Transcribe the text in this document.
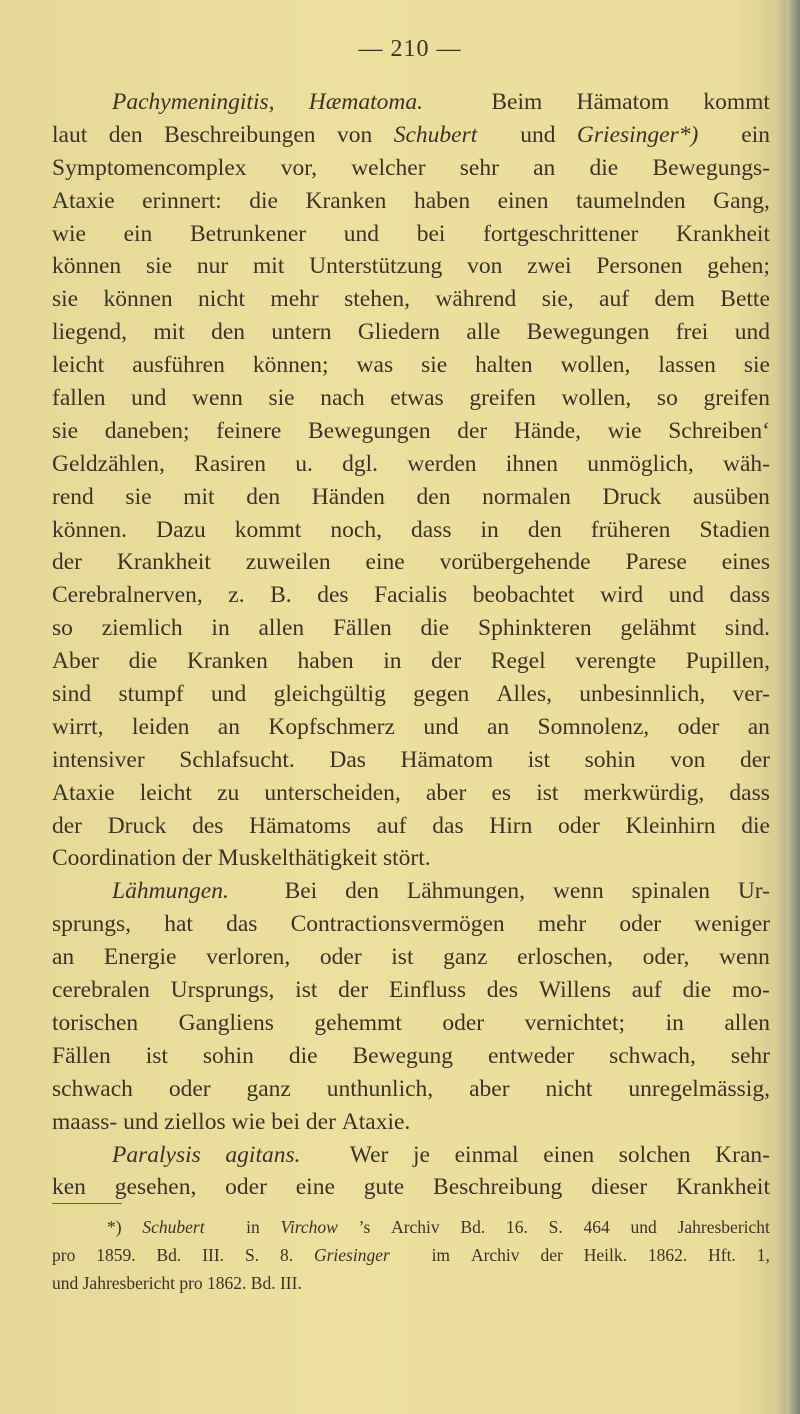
— 210 —
Pachymeningitis, Hæmatoma.	Beim Hämatom kommt
laut den Beschreibungen von Schubert und Griesinger*) ein
Symptomencomplex vor, welcher sehr an die Bewegungs-
Ataxie erinnert: die Kranken haben einen taumelnden Gang,
wie ein Betrunkener und bei fortgeschrittener Krankheit
können sie nur mit Unterstützung von zwei Personen gehen;
sie können nicht mehr stehen, während sie, auf dem Bette
liegend, mit den untern Gliedern alle Bewegungen frei und
leicht ausführen können; was sie halten wollen, lassen sie
fallen und wenn sie nach etwas greifen wollen, so greifen
sie daneben; feinere Bewegungen der Hände, wie Schreiben‘
Geldzählen, Rasiren u. dgl. werden ihnen unmöglich, wäh-
rend sie mit den Händen den normalen Druck ausüben
können. Dazu kommt noch, dass in den früheren Stadien
der Krankheit zuweilen eine vorübergehende Parese eines
Cerebralnerven, z. B. des Facialis beobachtet wird und dass
so ziemlich in allen Fällen die Sphinkteren gelähmt sind.
Aber die Kranken haben in der Regel verengte Pupillen,
sind stumpf und gleichgültig gegen Alles, unbesinnlich, ver-
wirrt, leiden an Kopfschmerz und an Somnolenz, oder an
intensiver Schlafsucht. Das Hämatom ist sohin von der
Ataxie leicht zu unterscheiden, aber es ist merkwürdig, dass
der Druck des Hämatoms auf das Hirn oder Kleinhirn die
Coordination der Muskelthätigkeit stört.
Lähmungen. Bei den Lähmungen, wenn spinalen Ur-
sprungs, hat das Contractionsvermögen mehr oder weniger
an Energie verloren, oder ist ganz erloschen, oder, wenn
cerebralen Ursprungs, ist der Einfluss des Willens auf die mo-
torischen Gangliens gehemmt oder vernichtet; in allen
Fällen ist sohin die Bewegung entweder schwach, sehr
schwach oder ganz unthunlich, aber nicht unregelmässig,
maass- und ziellos wie bei der Ataxie.
Paralysis agitans. Wer je einmal einen solchen Kran-
ken gesehen, oder eine gute Beschreibung dieser Krankheit
*) Schubert in Virchow ’s Archiv Bd. 16. S. 464 und Jahresbericht
pro 1859. Bd. III. S. 8. Griesinger im Archiv der Heilk. 1862. Hft. 1,
und Jahresbericht pro 1862. Bd. III.
